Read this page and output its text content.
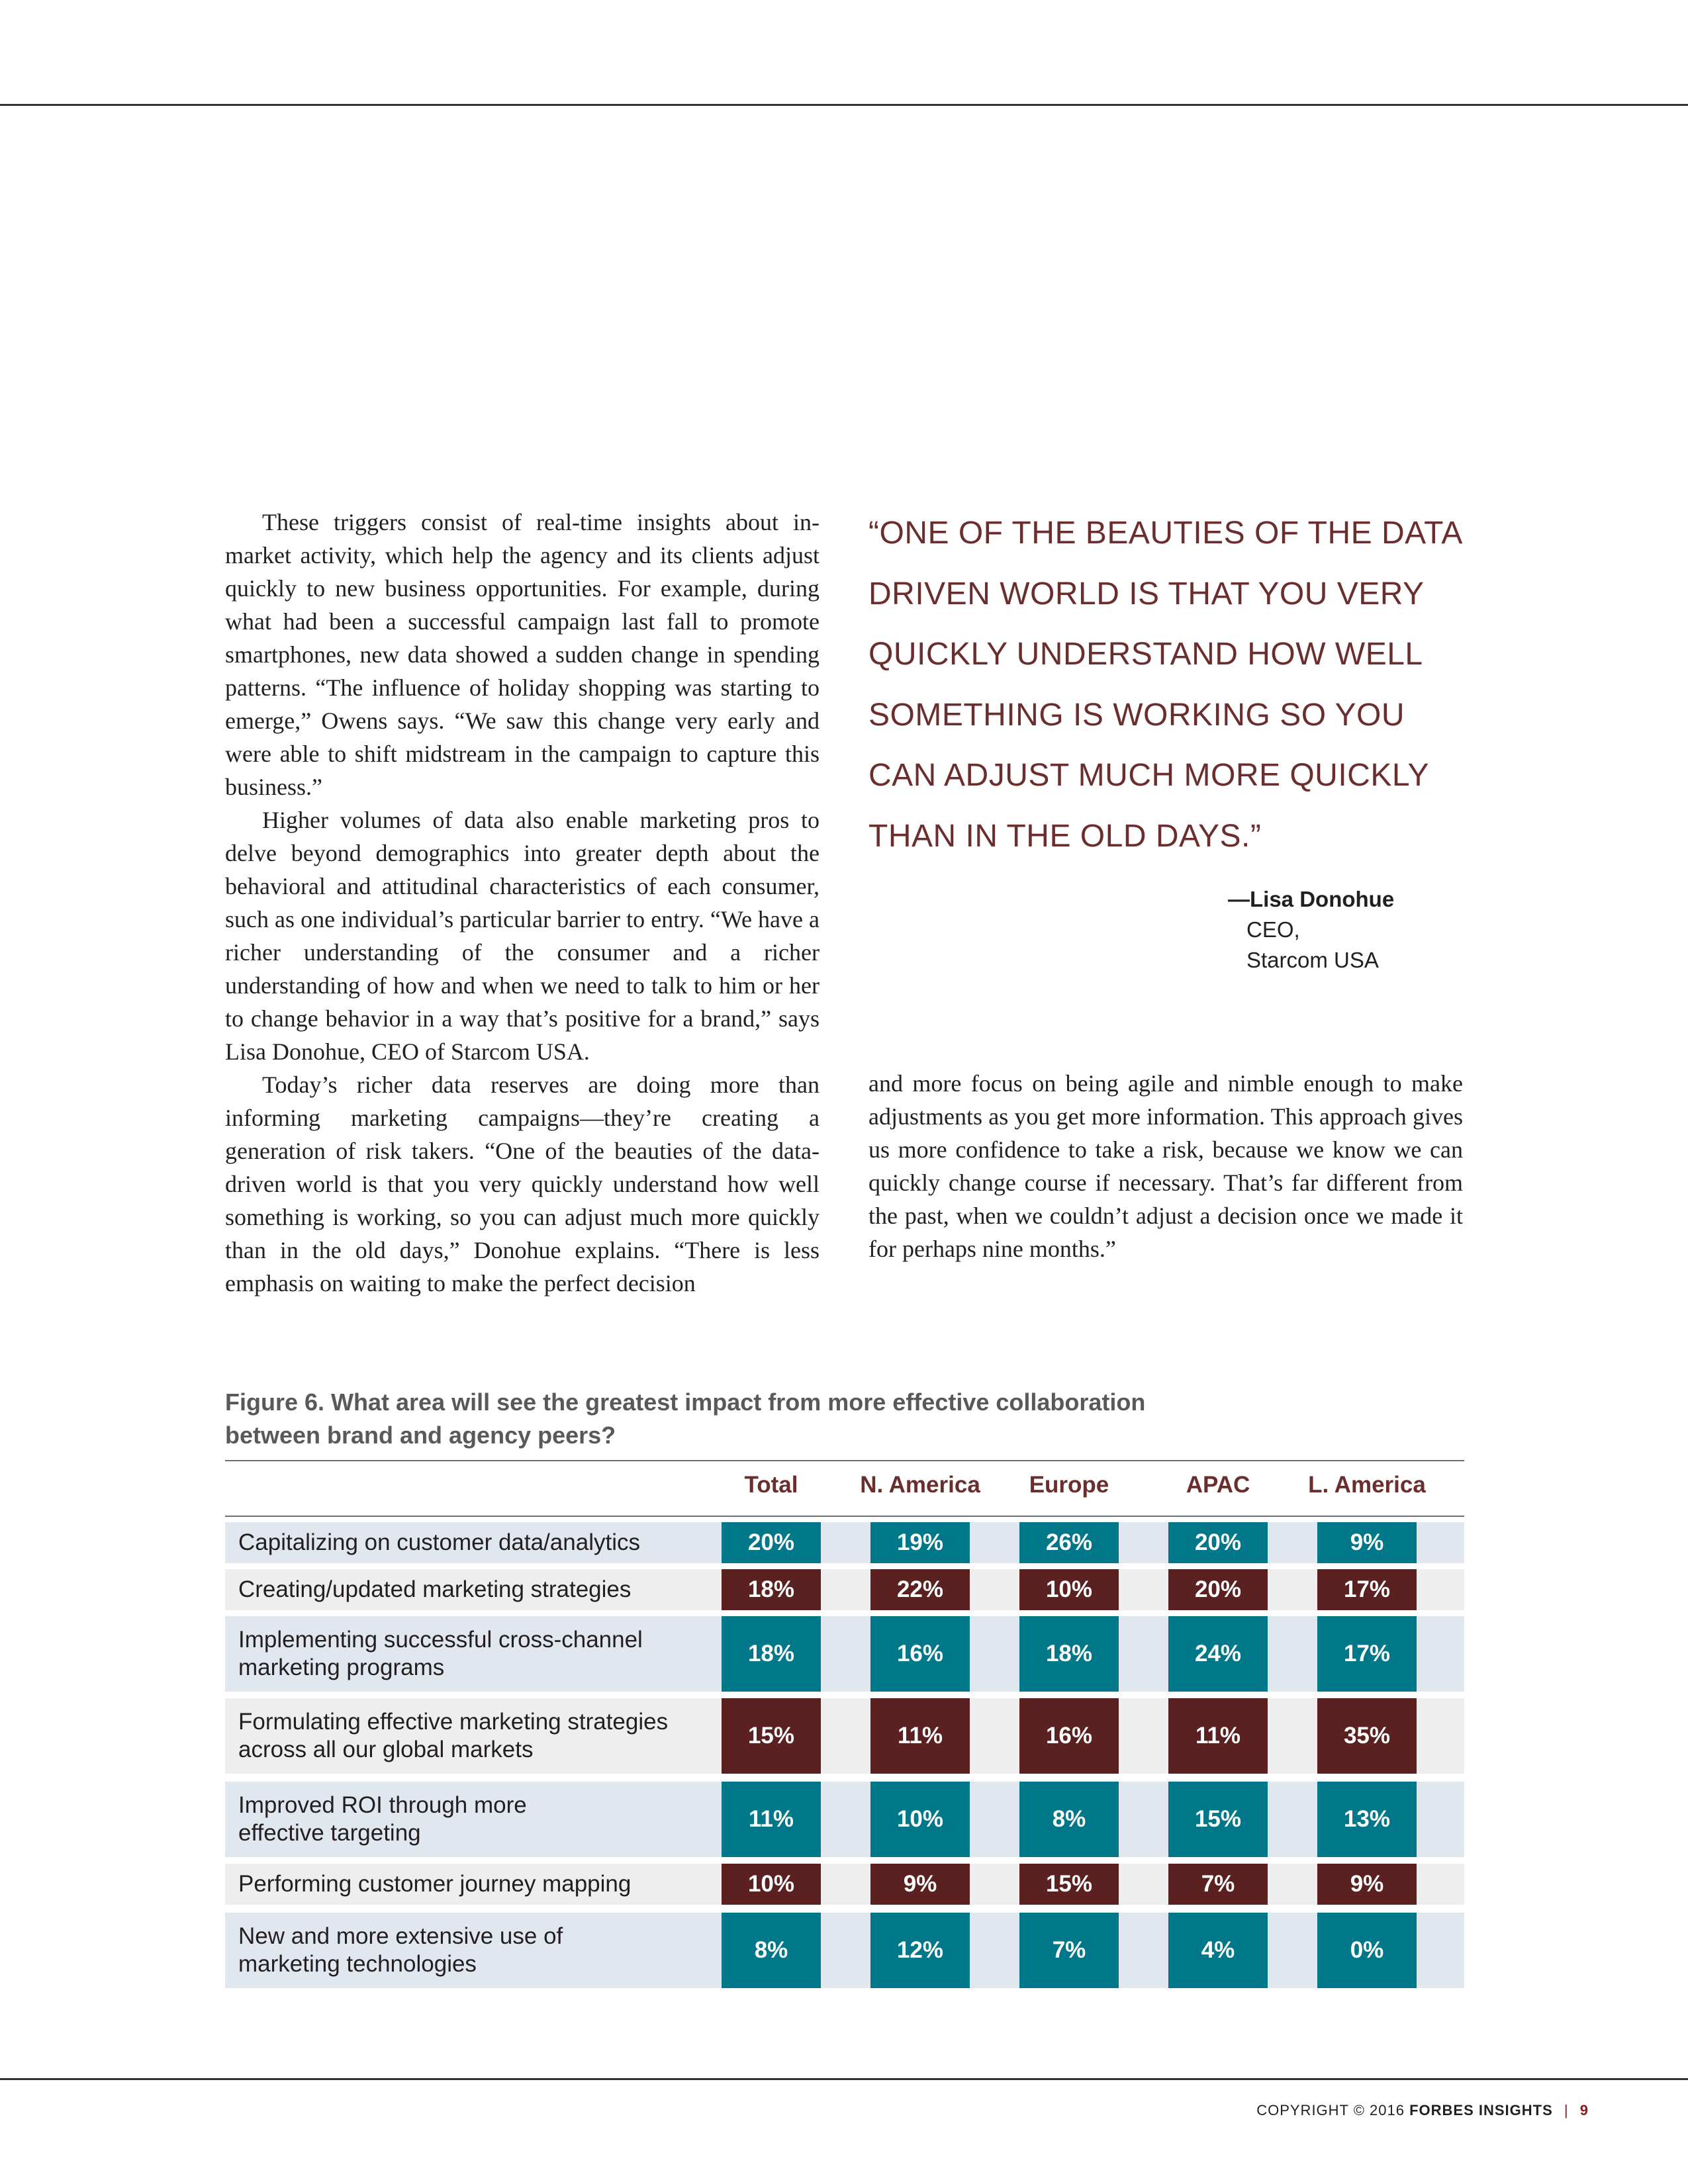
These triggers consist of real-time insights about in-market activity, which help the agency and its clients adjust quickly to new business opportunities. For example, during what had been a successful campaign last fall to promote smartphones, new data showed a sudden change in spending patterns. “The influence of holiday shopping was starting to emerge,” Owens says. “We saw this change very early and were able to shift midstream in the campaign to capture this business.”

Higher volumes of data also enable marketing pros to delve beyond demographics into greater depth about the behavioral and attitudinal characteristics of each consumer, such as one individual’s particular barrier to entry. “We have a richer understanding of the consumer and a richer understanding of how and when we need to talk to him or her to change behavior in a way that’s positive for a brand,” says Lisa Donohue, CEO of Starcom USA.

Today’s richer data reserves are doing more than informing marketing campaigns—they’re creating a generation of risk takers. “One of the beauties of the data-driven world is that you very quickly understand how well something is working, so you can adjust much more quickly than in the old days,” Donohue explains. “There is less emphasis on waiting to make the perfect decision

“ONE OF THE BEAUTIES OF THE DATA DRIVEN WORLD IS THAT YOU VERY QUICKLY UNDERSTAND HOW WELL SOMETHING IS WORKING SO YOU CAN ADJUST MUCH MORE QUICKLY THAN IN THE OLD DAYS.”
—Lisa Donohue
CEO,
Starcom USA

and more focus on being agile and nimble enough to make adjustments as you get more information. This approach gives us more confidence to take a risk, because we know we can quickly change course if necessary. That’s far different from the past, when we couldn’t adjust a decision once we made it for perhaps nine months.”

Figure 6. What area will see the greatest impact from more effective collaboration between brand and agency peers?
Total	N. America	Europe	APAC	L. America
Capitalizing on customer data/analytics	20%	19%	26%	20%	9%
Creating/updated marketing strategies	18%	22%	10%	20%	17%
Implementing successful cross-channel
marketing programs
18%	16%	18%	24%	17%
Formulating effective marketing strategies
across all our global markets
15%	11%	16%	11%	35%
Improved ROI through more
effective targeting
11%	10%	8%	15%	13%
Performing customer journey mapping	10%	9%	15%	7%	9%
New and more extensive use of
marketing technologies
8%	12%	7%	4%	0%
COPYRIGHT © 2016 FORBES INSIGHTS | 9
